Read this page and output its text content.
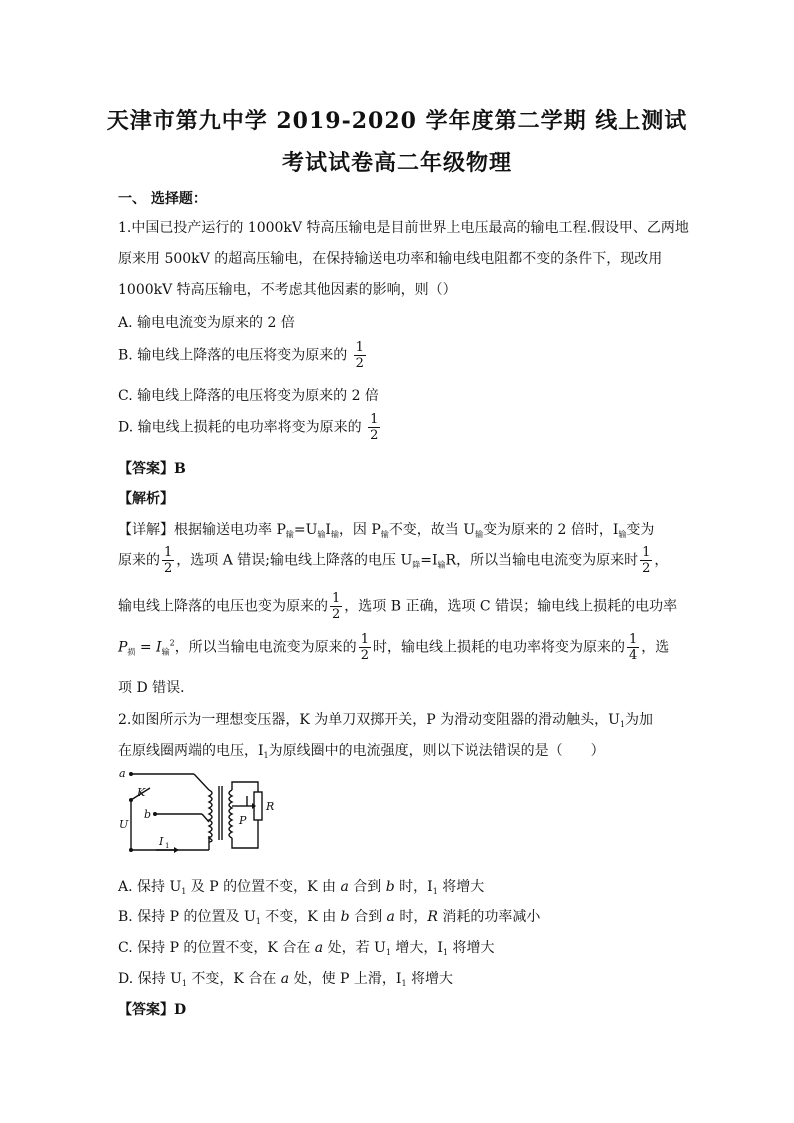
天津市第九中学 2019-2020 学年度第二学期 线上测试
考试试卷高二年级物理
一、 选择题：
1.中国已投产运行的 1000kV 特高压输电是目前世界上电压最高的输电工程.假设甲、乙两地
原来用 500kV 的超高压输电，在保持输送电功率和输电线电阻都不变的条件下，现改用
1000kV 特高压输电，不考虑其他因素的影响，则（）
A. 输电电流变为原来的 2 倍
B. 输电线上降落的电压将变为原来的 $\frac{1}{2}$
C. 输电线上降落的电压将变为原来的 2 倍
D. 输电线上损耗的电功率将变为原来的 $\frac{1}{2}$
【答案】B
【解析】
【详解】根据输送电功率 $P_输=U_输I_输$，因 $P_输$不变，故当 $U_输$变为原来的 2 倍时，$I_输$变为
原来的 $\frac{1}{2}$ ，选项 A 错误;输电线上降落的电压 $U_降=I_输R$，所以当输电电流变为原来时 $\frac{1}{2}$ ，
输电线上降落的电压也变为原来的 $\frac{1}{2}$ ，选项 B 正确，选项 C 错误；输电线上损耗的电功率
$P_损 = I_输^2$，所以当输电电流变为原来的 $\frac{1}{2}$ 时，输电线上损耗的电功率将变为原来的 $\frac{1}{4}$ ，选
项 D 错误．
2.如图所示为一理想变压器，K 为单刀双掷开关，P 为滑动变阻器的滑动触头，$U_1$为加
在原线圈两端的电压，$I_1$为原线圈中的电流强度，则以下说法错误的是（　　）
a
K
b
U
I 1
P
R
A. 保持 $U_1$ 及 P 的位置不变，K 由 a 合到 b 时，$I_1$ 将增大
B. 保持 P 的位置及 $U_1$ 不变，K 由 b 合到 a 时，R 消耗的功率减小
C. 保持 P 的位置不变，K 合在 a 处，若 $U_1$ 增大，$I_1$ 将增大
D. 保持 $U_1$ 不变，K 合在 a 处，使 P 上滑，$I_1$ 将增大
【答案】D
